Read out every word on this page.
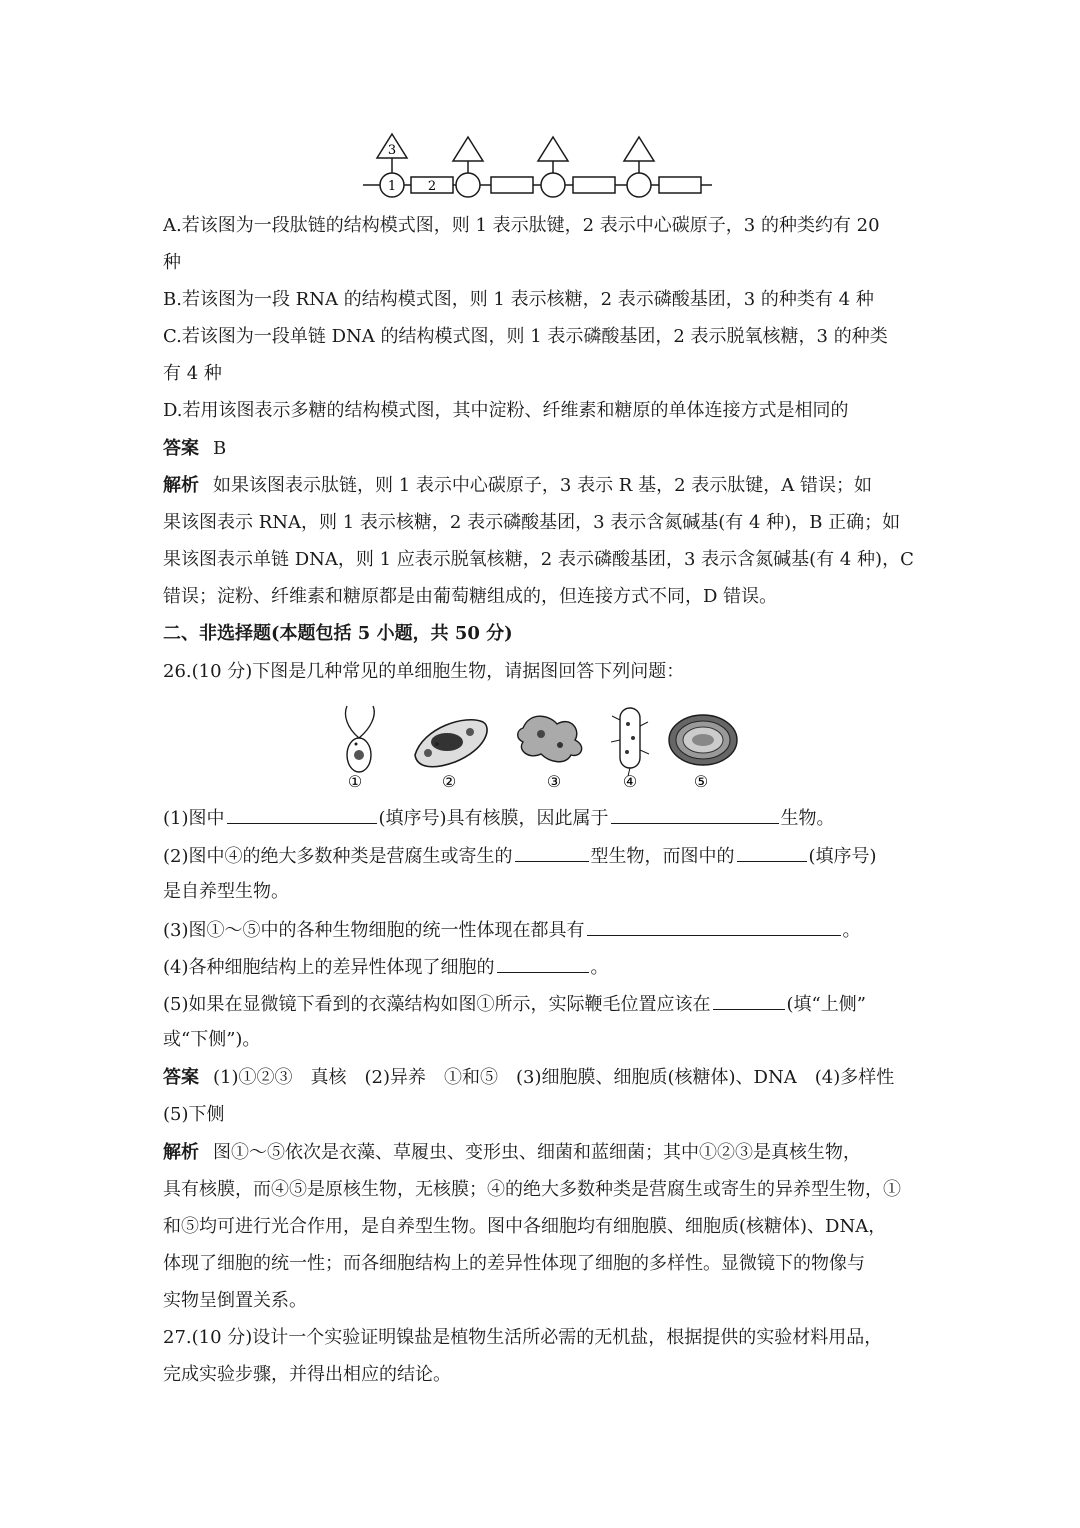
3
1 2
A.若该图为一段肽链的结构模式图，则 1 表示肽键，2 表示中心碳原子，3 的种类约有 20
种
B.若该图为一段 RNA 的结构模式图，则 1 表示核糖，2 表示磷酸基团，3 的种类有 4 种
C.若该图为一段单链 DNA 的结构模式图，则 1 表示磷酸基团，2 表示脱氧核糖，3 的种类
有 4 种
D.若用该图表示多糖的结构模式图，其中淀粉、纤维素和糖原的单体连接方式是相同的
答案 B
解析 如果该图表示肽链，则 1 表示中心碳原子，3 表示 R 基，2 表示肽键，A 错误；如
果该图表示 RNA，则 1 表示核糖，2 表示磷酸基团，3 表示含氮碱基(有 4 种)，B 正确；如
果该图表示单链 DNA，则 1 应表示脱氧核糖，2 表示磷酸基团，3 表示含氮碱基(有 4 种)，C
错误；淀粉、纤维素和糖原都是由葡萄糖组成的，但连接方式不同，D 错误。
二、非选择题(本题包括 5 小题，共 50 分)
26.(10 分)下图是几种常见的单细胞生物，请据图回答下列问题：
①	②	③	④	⑤
(1)图中	(填序号)具有核膜，因此属于	生物。
(2)图中④的绝大多数种类是营腐生或寄生的	型生物，而图中的	(填序号)
是自养型生物。
(3)图①～⑤中的各种生物细胞的统一性体现在都具有	。
(4)各种细胞结构上的差异性体现了细胞的	。
(5)如果在显微镜下看到的衣藻结构如图①所示，实际鞭毛位置应该在	(填“上侧”
或“下侧”)。
答案 (1)①②③　真核　(2)异养　①和⑤　(3)细胞膜、细胞质(核糖体)、DNA　(4)多样性
(5)下侧
解析 图①～⑤依次是衣藻、草履虫、变形虫、细菌和蓝细菌；其中①②③是真核生物，
具有核膜，而④⑤是原核生物，无核膜；④的绝大多数种类是营腐生或寄生的异养型生物，①
和⑤均可进行光合作用，是自养型生物。图中各细胞均有细胞膜、细胞质(核糖体)、DNA，
体现了细胞的统一性；而各细胞结构上的差异性体现了细胞的多样性。显微镜下的物像与
实物呈倒置关系。
27.(10 分)设计一个实验证明镍盐是植物生活所必需的无机盐，根据提供的实验材料用品，
完成实验步骤，并得出相应的结论。
